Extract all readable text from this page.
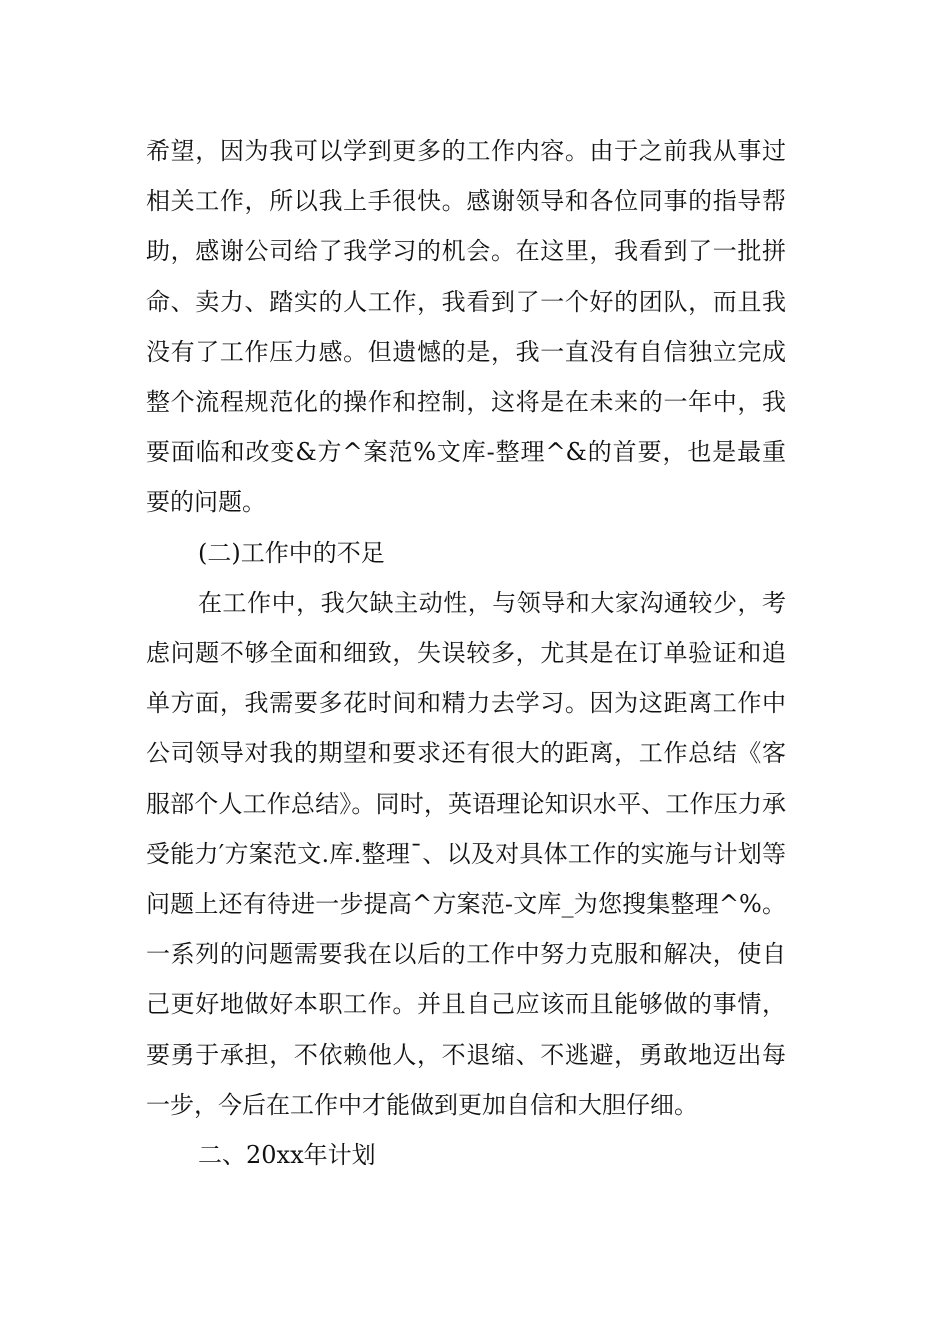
希望，因为我可以学到更多的工作内容。由于之前我从事过相关工作，所以我上手很快。感谢领导和各位同事的指导帮助，感谢公司给了我学习的机会。在这里，我看到了一批拼命、卖力、踏实的人工作，我看到了一个好的团队，而且我没有了工作压力感。但遗憾的是，我一直没有自信独立完成整个流程规范化的操作和控制，这将是在未来的一年中，我要面临和改变&方^案范%文库-整理^&的首要，也是最重要的问题。

(二)工作中的不足

在工作中，我欠缺主动性，与领导和大家沟通较少，考虑问题不够全面和细致，失误较多，尤其是在订单验证和追单方面，我需要多花时间和精力去学习。因为这距离工作中公司领导对我的期望和要求还有很大的距离，工作总结《客服部个人工作总结》。同时，英语理论知识水平、工作压力承受能力′方案范文.库.整理¯、以及对具体工作的实施与计划等问题上还有待进一步提高^方案范-文库_为您搜集整理^%。一系列的问题需要我在以后的工作中努力克服和解决，使自己更好地做好本职工作。并且自己应该而且能够做的事情，要勇于承担，不依赖他人，不退缩、不逃避，勇敢地迈出每一步，今后在工作中才能做到更加自信和大胆仔细。

二、20xx年计划
